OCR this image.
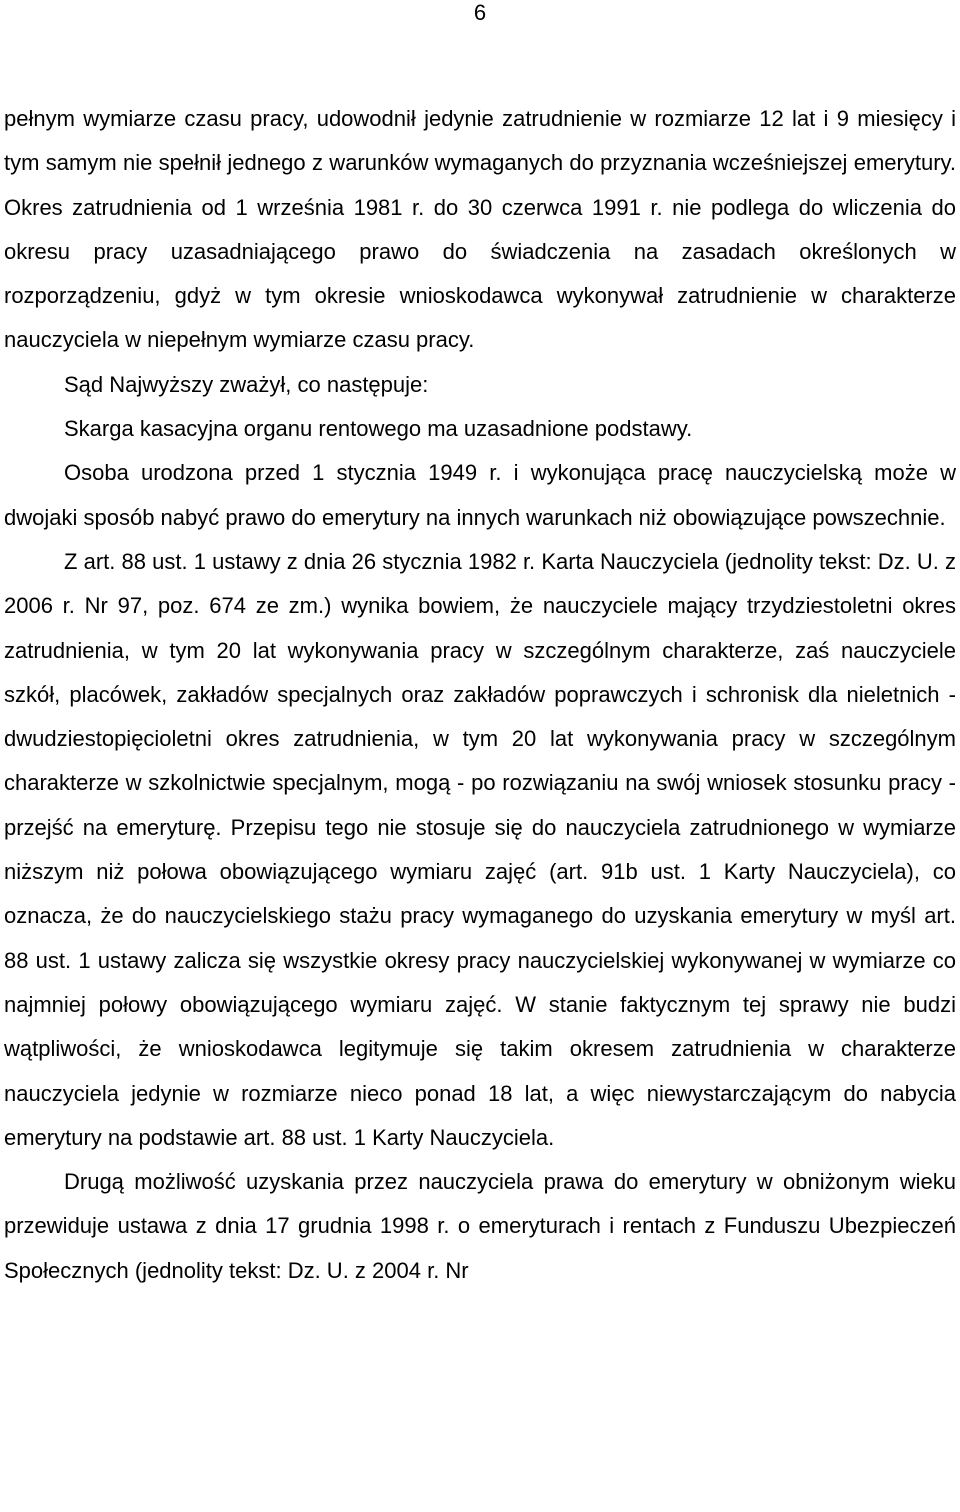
6

pełnym wymiarze czasu pracy, udowodnił jedynie zatrudnienie w rozmiarze 12 lat i 9 miesięcy i tym samym nie spełnił jednego z warunków wymaganych do przyznania wcześniejszej emerytury. Okres zatrudnienia od 1 września 1981 r. do 30 czerwca 1991 r. nie podlega do wliczenia do okresu pracy uzasadniającego prawo do świadczenia na zasadach określonych w rozporządzeniu, gdyż w tym okresie wnioskodawca wykonywał zatrudnienie w charakterze nauczyciela w niepełnym wymiarze czasu pracy.

Sąd Najwyższy zważył, co następuje:

Skarga kasacyjna organu rentowego ma uzasadnione podstawy.

Osoba urodzona przed 1 stycznia 1949 r. i wykonująca pracę nauczycielską może w dwojaki sposób nabyć prawo do emerytury na innych warunkach niż obowiązujące powszechnie.

Z art. 88 ust. 1 ustawy z dnia 26 stycznia 1982 r. Karta Nauczyciela (jednolity tekst: Dz. U. z 2006 r. Nr 97, poz. 674 ze zm.) wynika bowiem, że nauczyciele mający trzydziestoletni okres zatrudnienia, w tym 20 lat wykonywania pracy w szczególnym charakterze, zaś nauczyciele szkół, placówek, zakładów specjalnych oraz zakładów poprawczych i schronisk dla nieletnich - dwudziestopięcioletni okres zatrudnienia, w tym 20 lat wykonywania pracy w szczególnym charakterze w szkolnictwie specjalnym, mogą - po rozwiązaniu na swój wniosek stosunku pracy - przejść na emeryturę. Przepisu tego nie stosuje się do nauczyciela zatrudnionego w wymiarze niższym niż połowa obowiązującego wymiaru zajęć (art. 91b ust. 1 Karty Nauczyciela), co oznacza, że do nauczycielskiego stażu pracy wymaganego do uzyskania emerytury w myśl art. 88 ust. 1 ustawy zalicza się wszystkie okresy pracy nauczycielskiej wykonywanej w wymiarze co najmniej połowy obowiązującego wymiaru zajęć. W stanie faktycznym tej sprawy nie budzi wątpliwości, że wnioskodawca legitymuje się takim okresem zatrudnienia w charakterze nauczyciela jedynie w rozmiarze nieco ponad 18 lat, a więc niewystarczającym do nabycia emerytury na podstawie art. 88 ust. 1 Karty Nauczyciela.

Drugą możliwość uzyskania przez nauczyciela prawa do emerytury w obniżonym wieku przewiduje ustawa z dnia 17 grudnia 1998 r. o emeryturach i rentach z Funduszu Ubezpieczeń Społecznych (jednolity tekst: Dz. U. z 2004 r. Nr
